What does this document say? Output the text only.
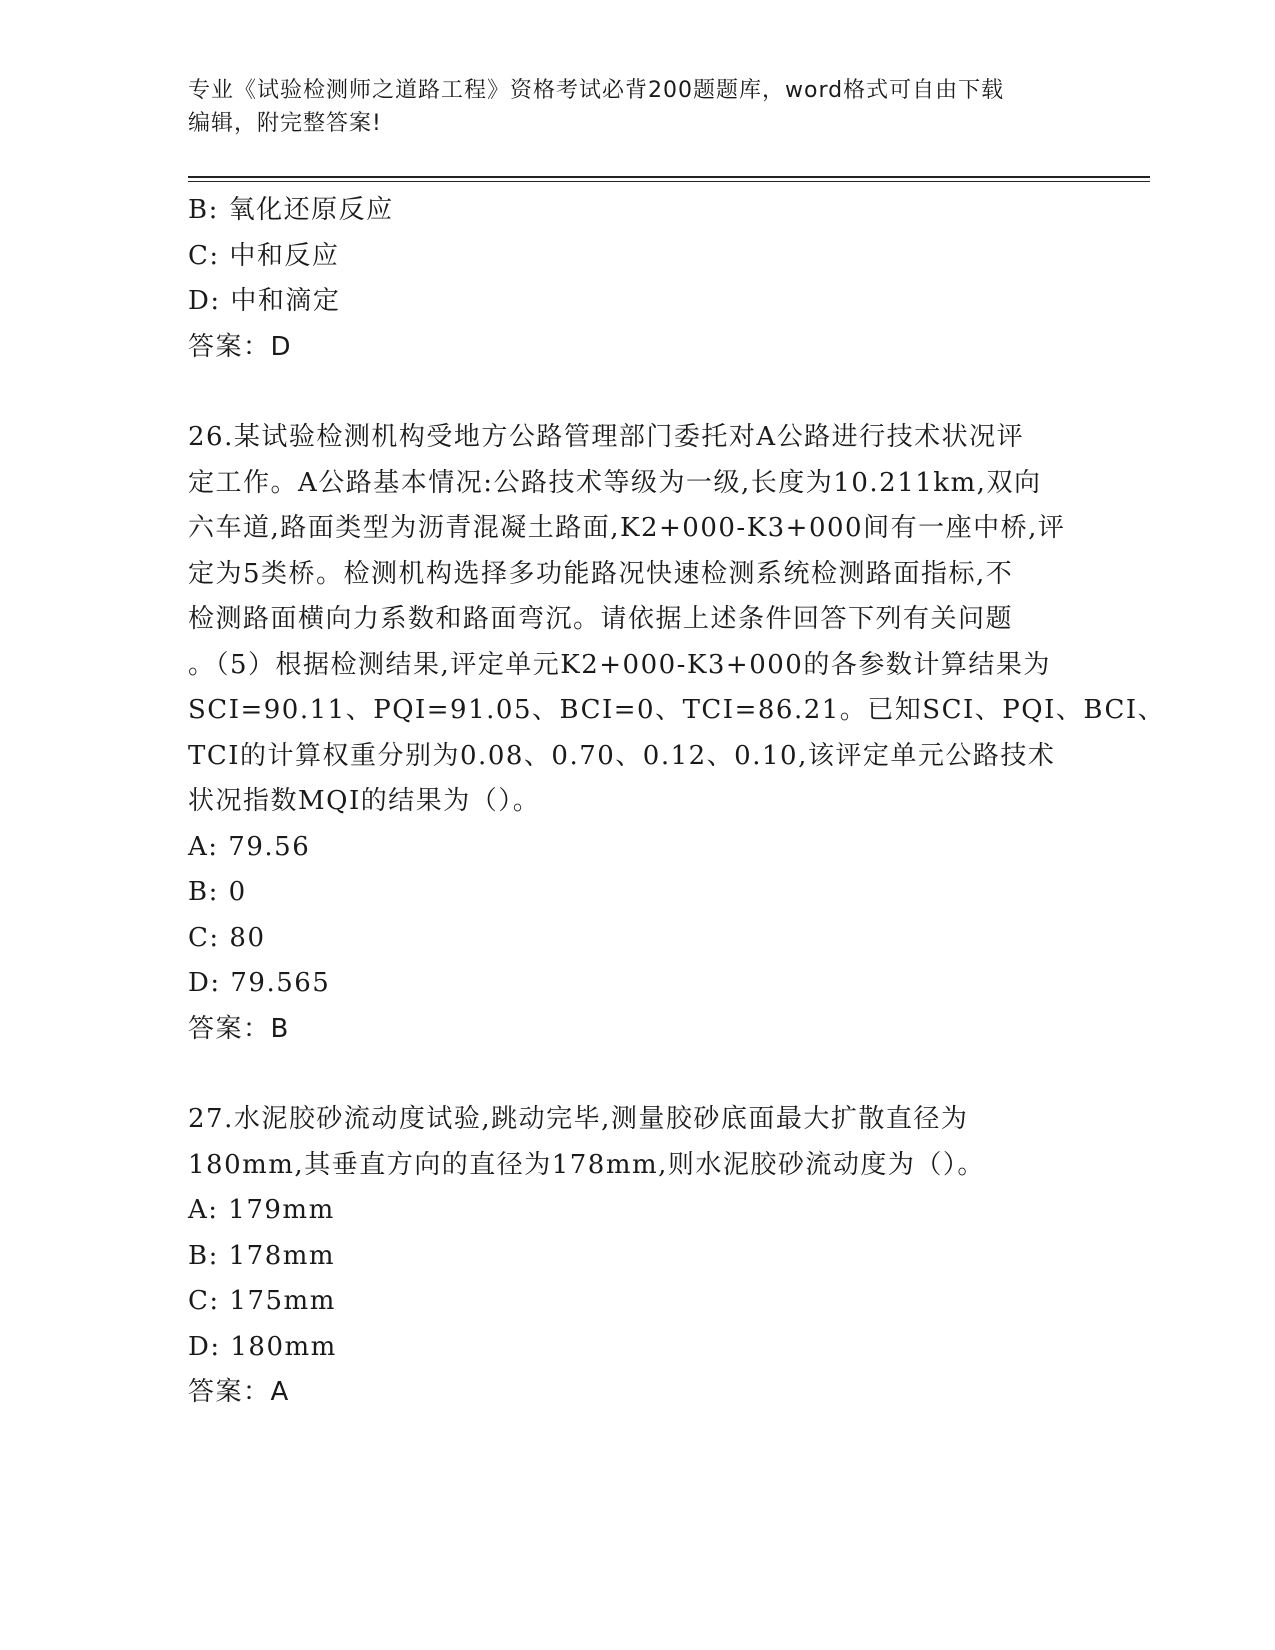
专业《试验检测师之道路工程》资格考试必背200题题库，word格式可自由下载
编辑，附完整答案!
B: 氧化还原反应
C: 中和反应
D: 中和滴定
答案：D
26.某试验检测机构受地方公路管理部门委托对A公路进行技术状况评
定工作。A公路基本情况:公路技术等级为一级,长度为10.211km,双向
六车道,路面类型为沥青混凝土路面,K2+000-K3+000间有一座中桥,评
定为5类桥。检测机构选择多功能路况快速检测系统检测路面指标,不
检测路面横向力系数和路面弯沉。请依据上述条件回答下列有关问题
。（5）根据检测结果,评定单元K2+000-K3+000的各参数计算结果为
SCI=90.11、PQI=91.05、BCI=0、TCI=86.21。已知SCI、PQI、BCI、
TCI的计算权重分别为0.08、0.70、0.12、0.10,该评定单元公路技术
状况指数MQI的结果为（）。
A: 79.56
B: 0
C: 80
D: 79.565
答案：B
27.水泥胶砂流动度试验,跳动完毕,测量胶砂底面最大扩散直径为
180mm,其垂直方向的直径为178mm,则水泥胶砂流动度为（）。
A: 179mm
B: 178mm
C: 175mm
D: 180mm
答案：A
